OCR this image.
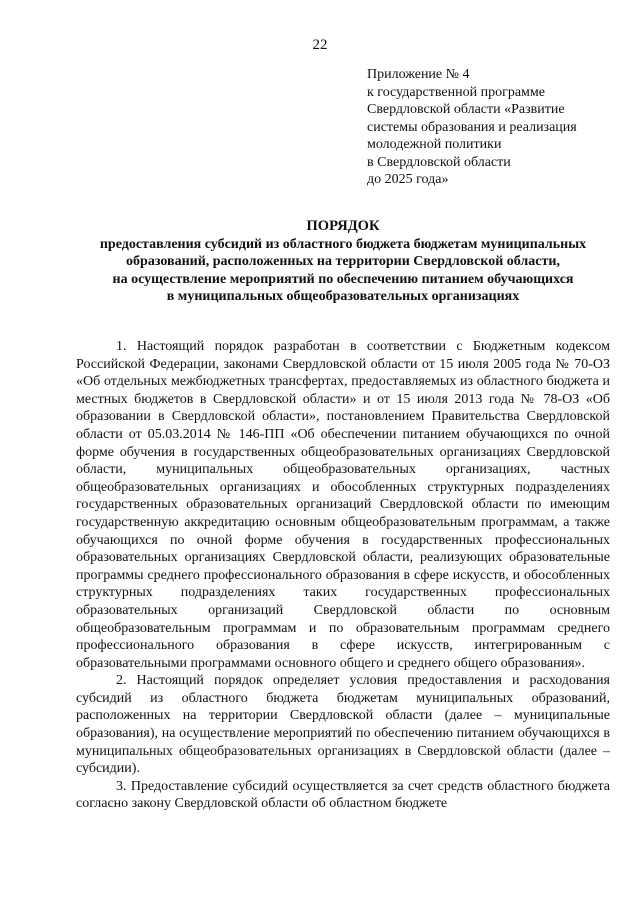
22

Приложение № 4

к государственной программе

Свердловской области «Развитие

системы образования и реализация

молодежной политики

в Свердловской области

до 2025 года»

ПОРЯДОК

предоставления субсидий из областного бюджета бюджетам муниципальных

образований, расположенных на территории Свердловской области,

на осуществление мероприятий по обеспечению питанием обучающихся

в муниципальных общеобразовательных организациях

1. Настоящий порядок разработан в соответствии с Бюджетным кодексом Российской Федерации, законами Свердловской области от 15 июля 2005 года № 70-ОЗ «Об отдельных межбюджетных трансфертах, предоставляемых из областного бюджета и местных бюджетов в Свердловской области» и от 15 июля 2013 года № 78-ОЗ «Об образовании в Свердловской области», постановлением Правительства Свердловской области от 05.03.2014 № 146-ПП «Об обеспечении питанием обучающихся по очной форме обучения в государственных общеобразовательных организациях Свердловской области, муниципальных общеобразовательных организациях, частных общеобразовательных организациях и обособленных структурных подразделениях государственных образовательных организаций Свердловской области по имеющим государственную аккредитацию основным общеобразовательным программам, а также обучающихся по очной форме обучения в государственных профессиональных образовательных организациях Свердловской области, реализующих образовательные программы среднего профессионального образования в сфере искусств, и обособленных структурных подразделениях таких государственных профессиональных образовательных организаций Свердловской области по основным общеобразовательным программам и по образовательным программам среднего профессионального образования в сфере искусств, интегрированным с образовательными программами основного общего и среднего общего образования».

2. Настоящий порядок определяет условия предоставления и расходования субсидий из областного бюджета бюджетам муниципальных образований, расположенных на территории Свердловской области (далее – муниципальные образования), на осуществление мероприятий по обеспечению питанием обучающихся в муниципальных общеобразовательных организациях в Свердловской области (далее – субсидии).

3. Предоставление субсидий осуществляется за счет средств областного бюджета согласно закону Свердловской области об областном бюджете
